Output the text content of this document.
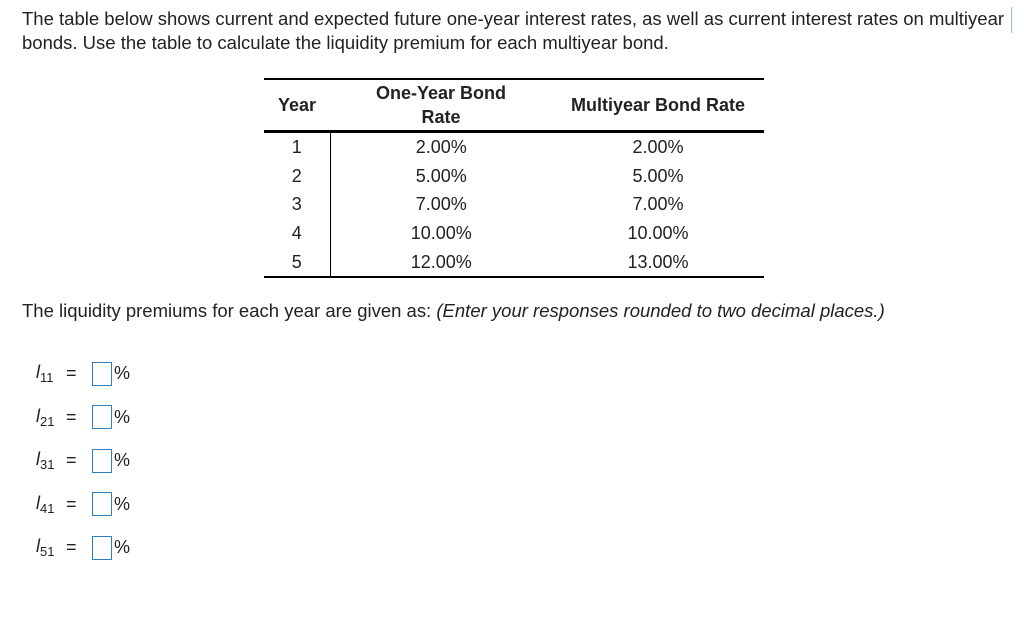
The table below shows current and expected future one-year interest rates, as well as current interest rates on multiyear bonds. Use the table to calculate the liquidity premium for each multiyear bond.

Year	One-Year Bond Rate	Multiyear Bond Rate
1	2.00%	2.00%
2	5.00%	5.00%
3	7.00%	7.00%
4	10.00%	10.00%
5	12.00%	13.00%

The liquidity premiums for each year are given as: (Enter your responses rounded to two decimal places.)

$l_{11}$ =	%
$l_{21}$ =	%
$l_{31}$ =	%
$l_{41}$ =	%
$l_{51}$ =	%
